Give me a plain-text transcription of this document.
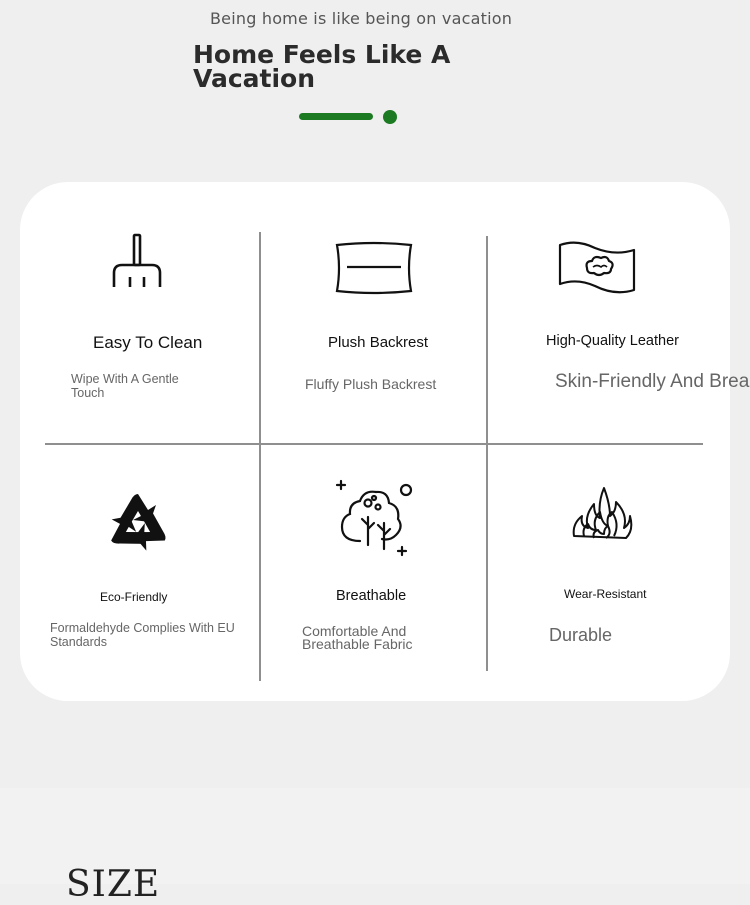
Being home is like being on vacation
Home Feels Like A Vacation
Easy To Clean
Wipe With A Gentle Touch
Plush Backrest
Fluffy Plush Backrest
High-Quality Leather
Skin-Friendly And Brea
Eco-Friendly
Formaldehyde Complies With EU Standards
Breathable
Comfortable And Breathable Fabric
Wear-Resistant
Durable
SIZE
